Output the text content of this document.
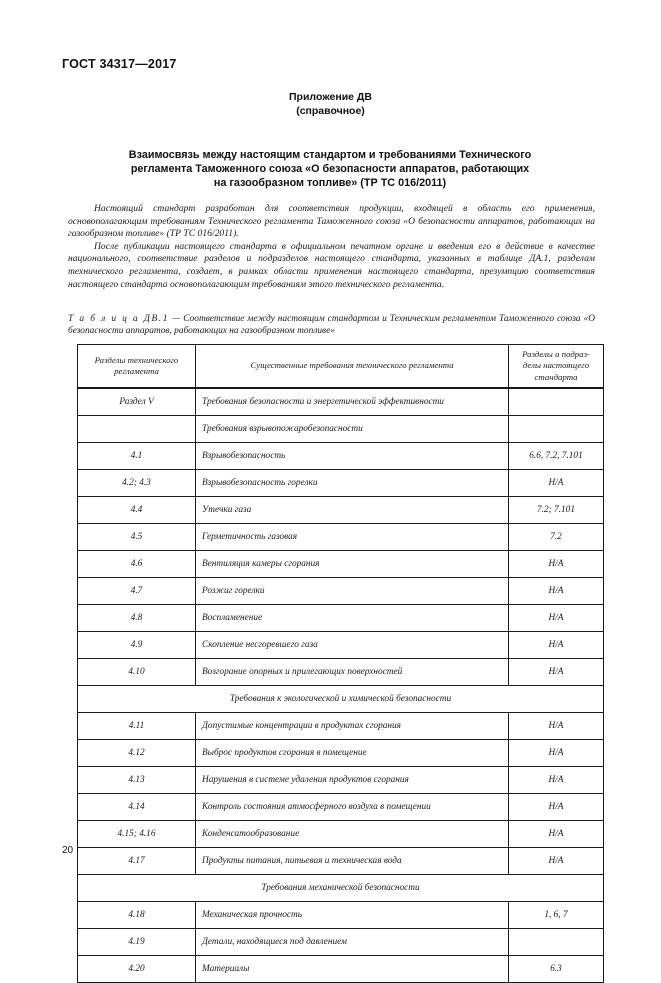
ГОСТ 34317—2017
Приложение ДВ
(справочное)
Взаимосвязь между настоящим стандартом и требованиями Технического
регламента Таможенного союза «О безопасности аппаратов, работающих
на газообразном топливе» (ТР ТС 016/2011)

Настоящий стандарт разработан для соответствия продукции, входящей в область его применения, основополагающим требованиям Технического регламента Таможенного союза «О безопасности аппаратов, работающих на газообразном топливе» (ТР ТС 016/2011).

После публикации настоящего стандарта в официальном печатном органе и введения его в действие в качестве национального, соответствие разделов и подразделов настоящего стандарта, указанных в таблице ДА.1, разделам технического регламента, создает, в рамках области применения настоящего стандарта, презумпцию соответствия настоящего стандарта основополагающим требованиям этого технического регламента.

Т а б л и ц а ДВ.1 — Соответствие между настоящим стандартом и Техническим регламентом Таможенного союза «О безопасности аппаратов, работающих на газообразном топливе»
Разделы технического регламента	Существенные требования технического регламента	Разделы и подраз-делы настоящего стандарта
Раздел V	Требования безопасности и энергетической эффективности	
	Требования взрывопожаробезопасности	
4.1	Взрывобезопасность	6.6, 7.2, 7.101
4.2; 4.3	Взрывобезопасность горелки	Н/А
4.4	Утечки газа	7.2; 7.101
4.5	Герметичность газовая	7.2
4.6	Вентиляция камеры сгорания	Н/А
4.7	Розжиг горелки	Н/А
4.8	Воспламенение	Н/А
4.9	Скопление несгоревшего газа	Н/А
4.10	Возгорание опорных и прилегающих поверхностей	Н/А
Требования к экологической и химической безопасности		
4.11	Допустимые концентрации в продуктах сгорания	Н/А
4.12	Выброс продуктов сгорания в помещение	Н/А
4.13	Нарушения в системе удаления продуктов сгорания	Н/А
4.14	Контроль состояния атмосферного воздуха в помещении	Н/А
4.15; 4.16	Конденсатообразование	Н/А
4.17	Продукты питания, питьевая и техническая вода	Н/А
Требования механической безопасности		
4.18	Механическая прочность	1, 6, 7
4.19	Детали, находящиеся под давлением	
4.20	Материалы	6.3
20
